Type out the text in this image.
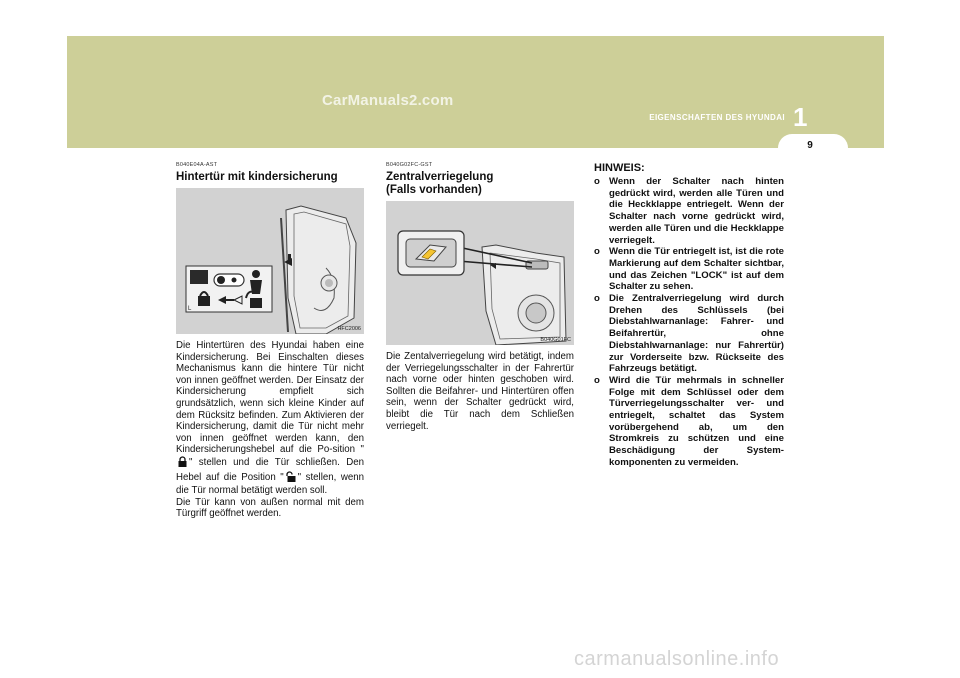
CarManuals2.com
EIGENSCHAFTEN DES HYUNDAI 1
9

B040E04A-AST

Hintertür mit kindersicherung
L
HFC2006

Die Hintertüren des Hyundai haben eine Kindersicherung. Bei Einschalten dieses Mechanismus kann die hintere Tür nicht von innen geöffnet werden. Der Einsatz der Kindersicherung empfielt sich grundsätzlich, wenn sich kleine Kinder auf dem Rücksitz befinden. Zum Aktivieren der Kindersicherung, damit die Tür nicht mehr von innen geöffnet werden kann, den Kindersicherungshebel auf die Po-sition "" stellen und die Tür schließen. Den Hebel auf die Position " " stellen, wenn die Tür normal betätigt werden soll.
Die Tür kann von außen normal mit dem Türgriff geöffnet werden.

B040G02FC-GST

Zentralverriegelung
(Falls vorhanden)
B040G01FC

Die Zentalverriegelung wird betätigt, indem der Verriegelungsschalter in der Fahrertür nach vorne oder hinten geschoben wird. Sollten die Beifahrer- und Hintertüren offen sein, wenn der Schalter gedrückt wird, bleibt die Tür nach dem Schließen verriegelt.

HINWEIS:

o Wenn der Schalter nach hinten gedrückt wird, werden alle Türen und die Heckklappe entriegelt. Wenn der Schalter nach vorne gedrückt wird, werden alle Türen und die Heckklappe verriegelt.
o Wenn die Tür entriegelt ist, ist die rote Markierung auf dem Schalter sichtbar, und das Zeichen "LOCK" ist auf dem Schalter zu sehen.
o Die Zentralverriegelung wird durch Drehen des Schlüssels (bei Diebstahlwarnanlage: Fahrer- und Beifahrertür, ohne Diebstahlwarnanlage: nur Fahrertür) zur Vorderseite bzw. Rückseite des Fahrzeugs betätigt.
o Wird die Tür mehrmals in schneller Folge mit dem Schlüssel oder dem Türverriegelungsschalter ver- und entriegelt, schaltet das System vorübergehend ab, um den Stromkreis zu schützen und eine Beschädigung der System-komponenten zu vermeiden.
carmanualsonline.info
